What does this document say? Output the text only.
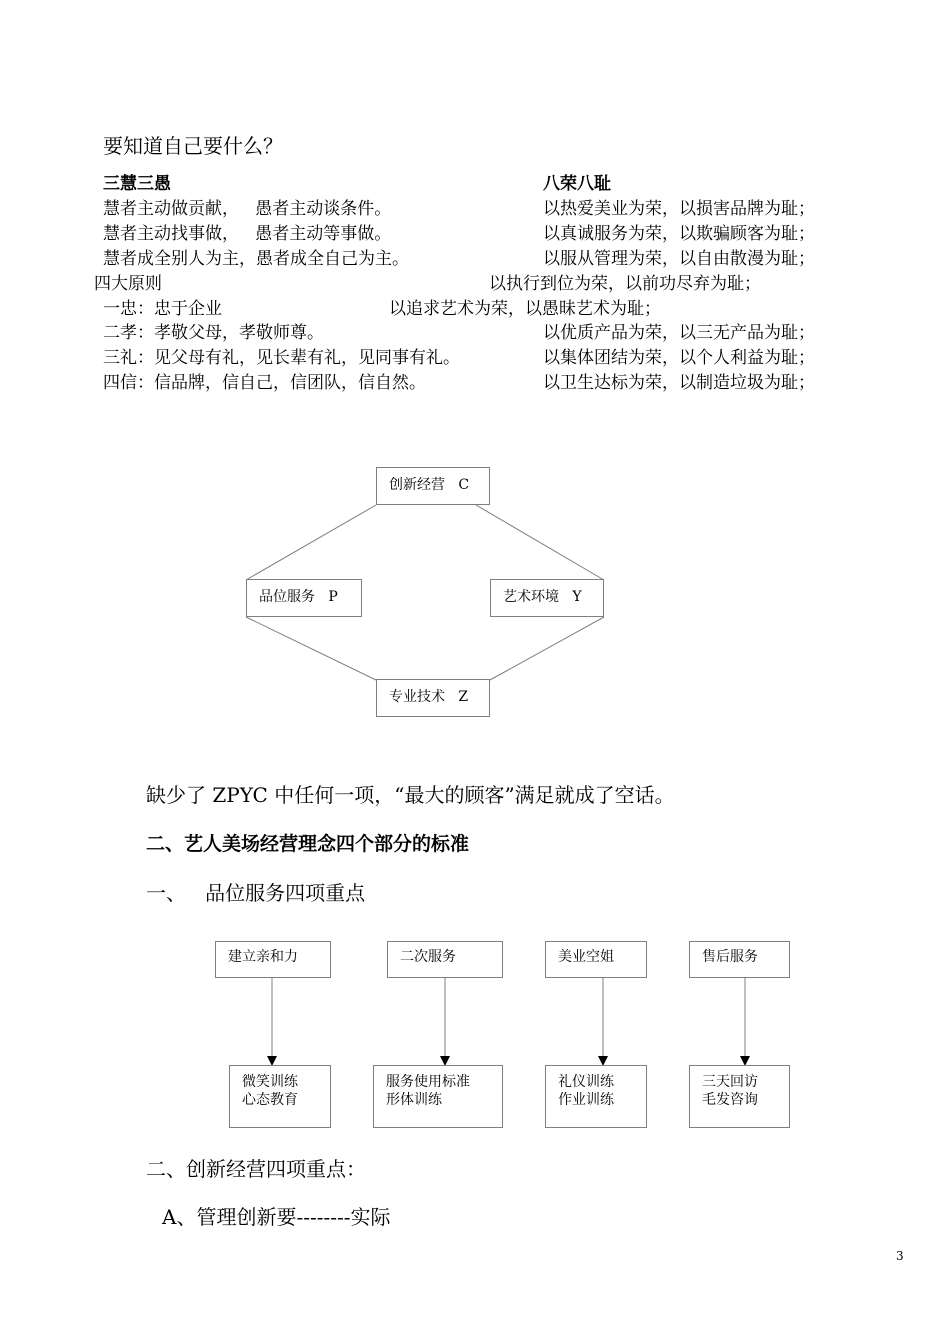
要知道自己要什么？
三慧三愚
慧者主动做贡献，   愚者主动谈条件。
慧者主动找事做，   愚者主动等事做。
慧者成全别人为主，愚者成全自己为主。
四大原则
一忠：忠于企业
二孝：孝敬父母，孝敬师尊。
三礼：见父母有礼，见长辈有礼，见同事有礼。
四信：信品牌，信自己，信团队，信自然。
八荣八耻
以热爱美业为荣，以损害品牌为耻；
以真诚服务为荣，以欺骗顾客为耻；
以服从管理为荣，以自由散漫为耻；
以执行到位为荣，以前功尽弃为耻；
以追求艺术为荣，以愚昧艺术为耻；
以优质产品为荣，以三无产品为耻；
以集体团结为荣，以个人利益为耻；
以卫生达标为荣，以制造垃圾为耻；
创新经营   C
品位服务   P	艺术环境   Y
专业技术   Z
缺少了 ZPYC 中任何一项，“最大的顾客”满足就成了空话。
二、艺人美场经营理念四个部分的标准
一、   品位服务四项重点
建立亲和力	二次服务	美业空姐	售后服务
微笑训练
心态教育
服务使用标准
形体训练
礼仪训练
作业训练
三天回访
毛发咨询
二、创新经营四项重点：
A、管理创新要--------实际
3
